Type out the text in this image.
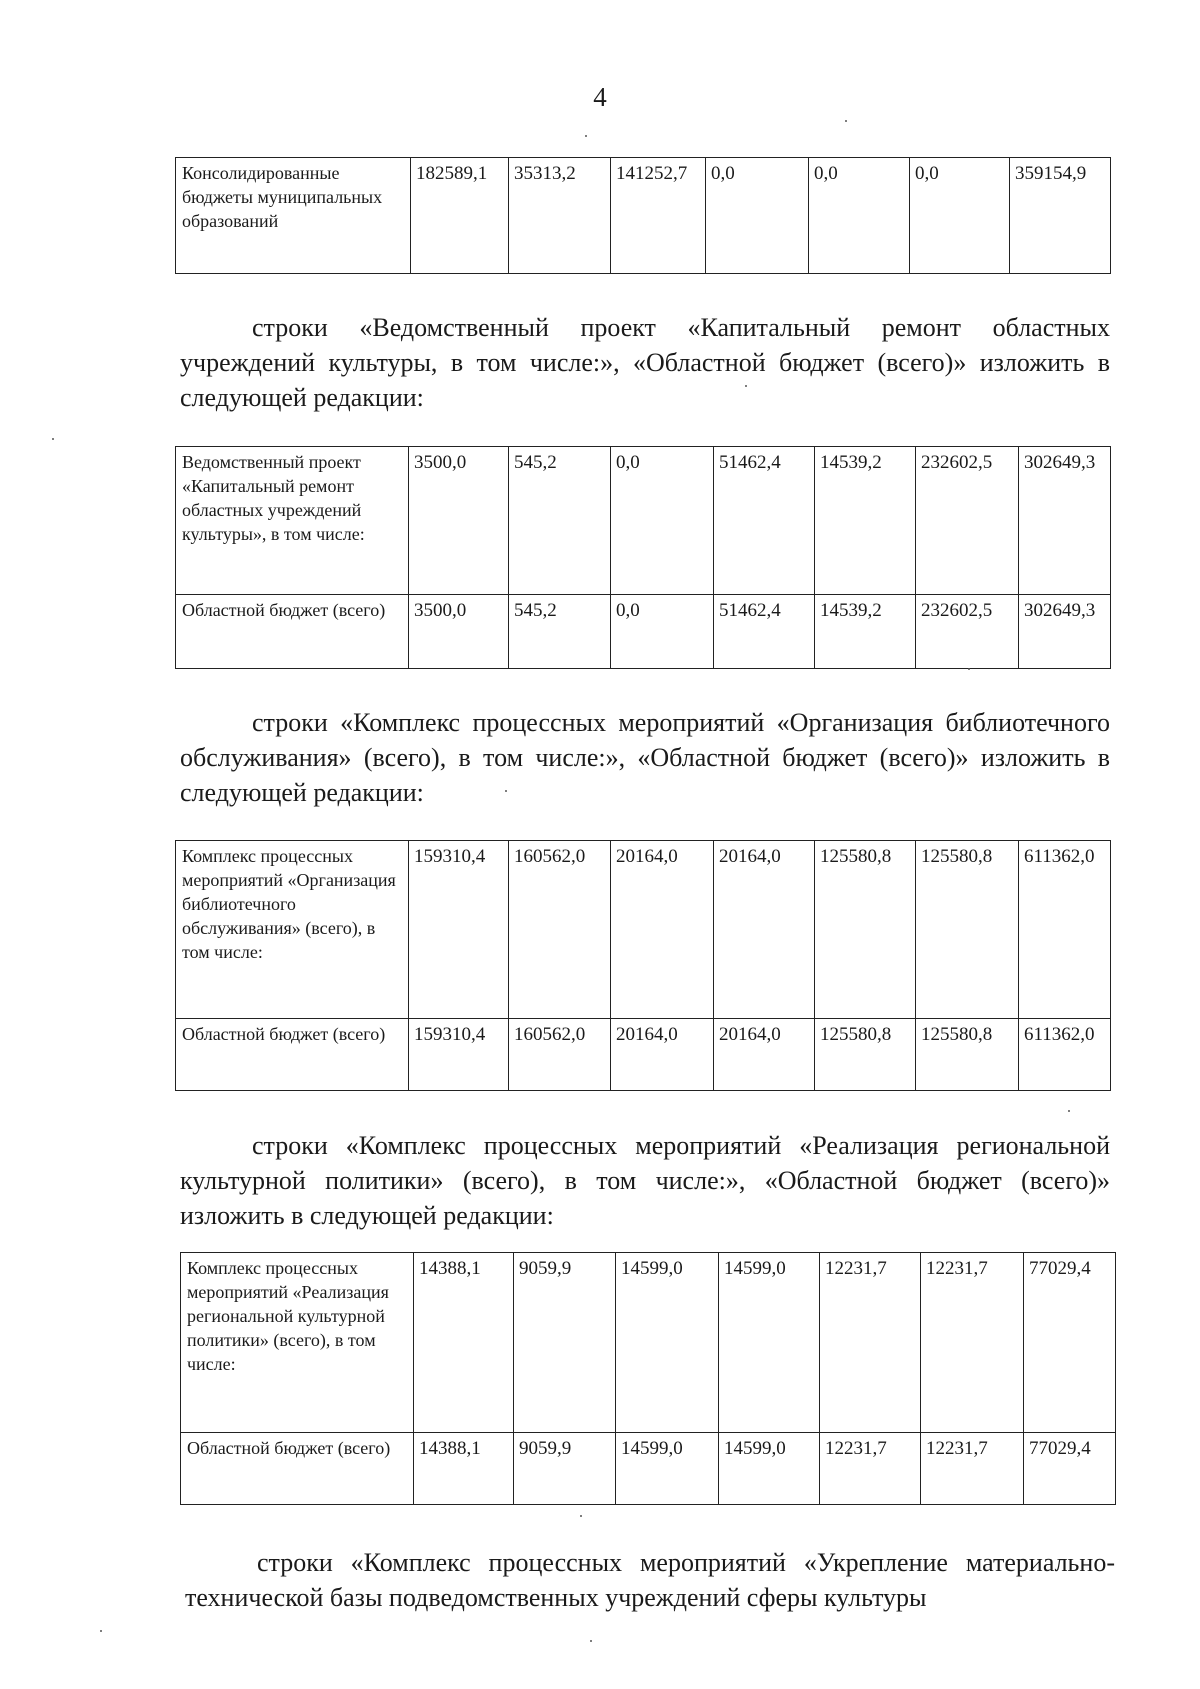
4
Консолидированные бюджеты муниципальных образований	182589,1	35313,2	141252,7	0,0	0,0	0,0	359154,9
строки «Ведомственный проект «Капитальный ремонт областных учреждений культуры, в том числе:», «Областной бюджет (всего)» изложить в следующей редакции:
Ведомственный проект «Капитальный ремонт областных учреждений культуры», в том числе:	3500,0	545,2	0,0	51462,4	14539,2	232602,5	302649,3
Областной бюджет (всего)	3500,0	545,2	0,0	51462,4	14539,2	232602,5	302649,3
строки «Комплекс процессных мероприятий «Организация библиотечного обслуживания» (всего), в том числе:», «Областной бюджет (всего)» изложить в следующей редакции:
Комплекс процессных мероприятий «Организация библиотечного обслуживания» (всего), в том числе:	159310,4	160562,0	20164,0	20164,0	125580,8	125580,8	611362,0
Областной бюджет (всего)	159310,4	160562,0	20164,0	20164,0	125580,8	125580,8	611362,0
строки «Комплекс процессных мероприятий «Реализация региональной культурной политики» (всего), в том числе:», «Областной бюджет (всего)» изложить в следующей редакции:
Комплекс процессных мероприятий «Реализация региональной культурной политики» (всего), в том числе:	14388,1	9059,9	14599,0	14599,0	12231,7	12231,7	77029,4
Областной бюджет (всего)	14388,1	9059,9	14599,0	14599,0	12231,7	12231,7	77029,4
строки «Комплекс процессных мероприятий «Укрепление материально-технической базы подведомственных учреждений сферы культуры
